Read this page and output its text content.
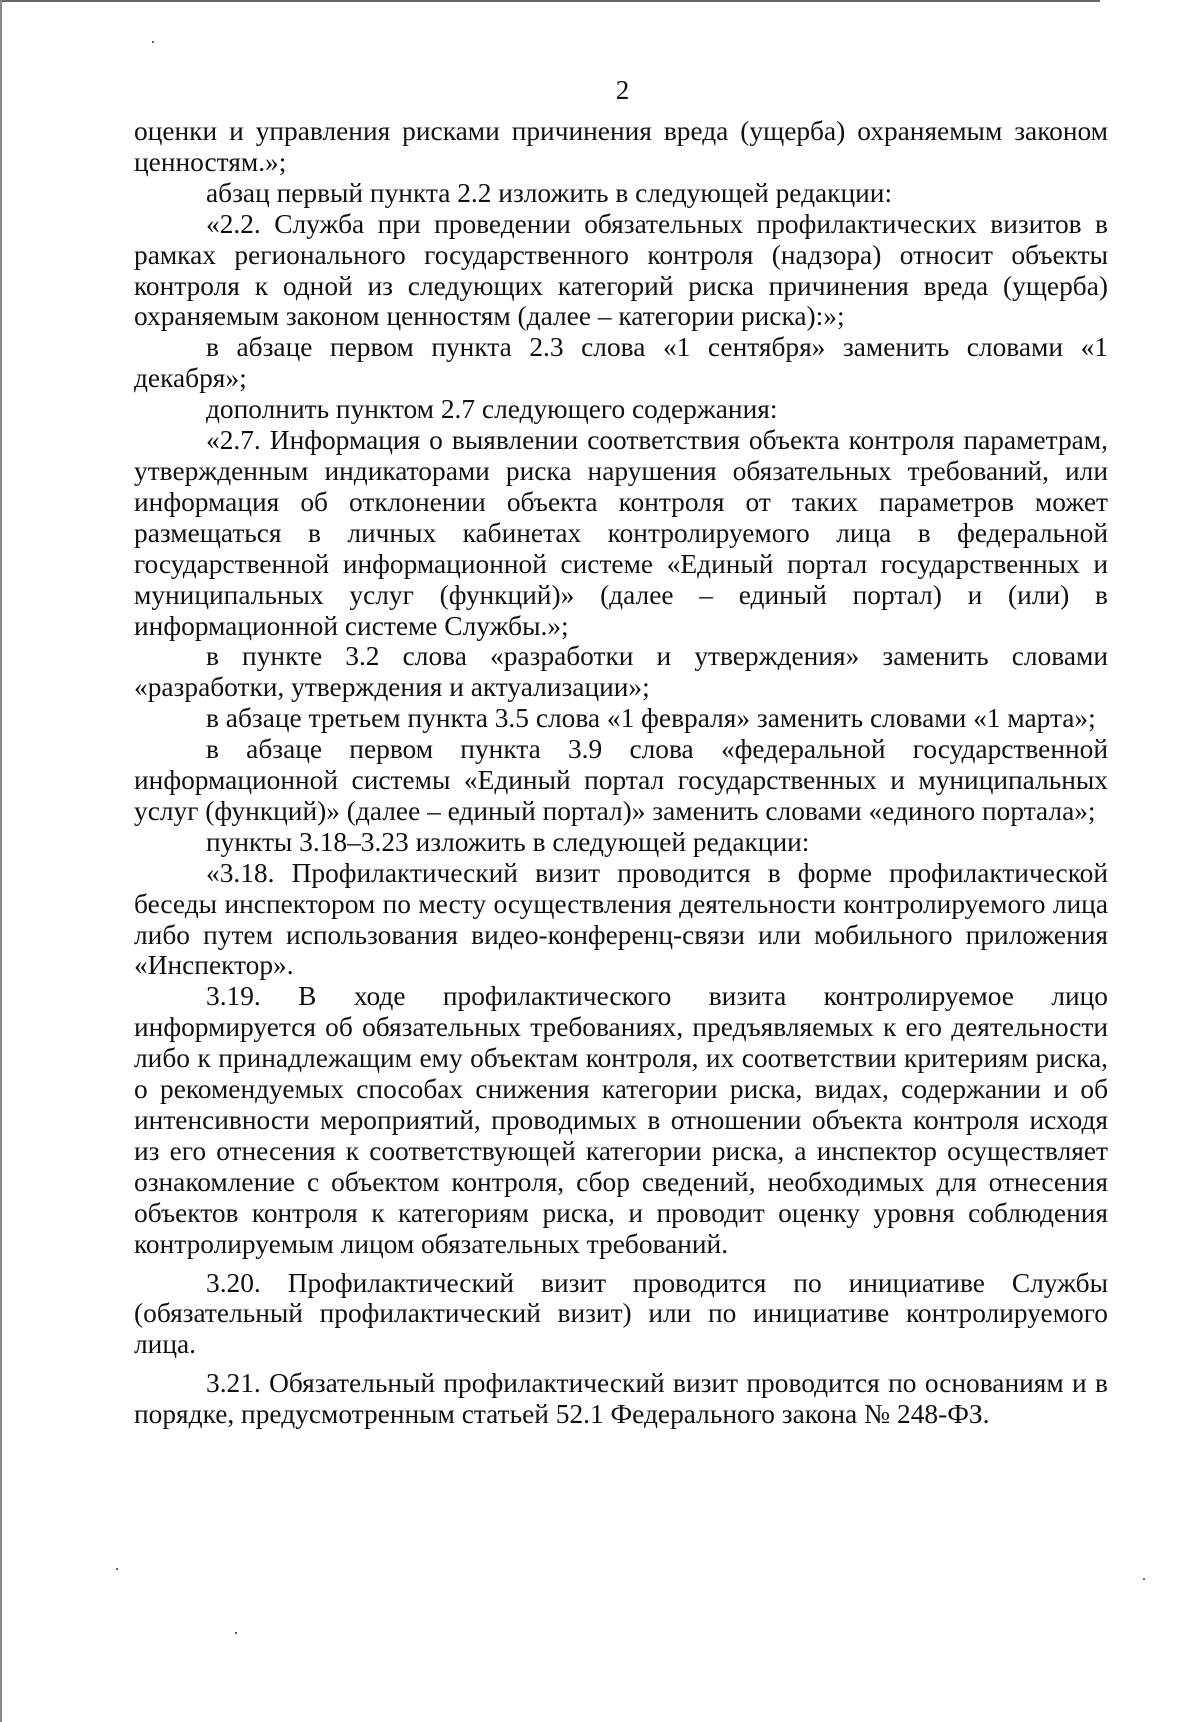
2

оценки и управления рисками причинения вреда (ущерба) охраняемым законом ценностям.»;

абзац первый пункта 2.2 изложить в следующей редакции:

«2.2. Служба при проведении обязательных профилактических визитов в рамках регионального государственного контроля (надзора) относит объекты контроля к одной из следующих категорий риска причинения вреда (ущерба) охраняемым законом ценностям (далее – категории риска):»;

в абзаце первом пункта 2.3 слова «1 сентября» заменить словами «1 декабря»;

дополнить пунктом 2.7 следующего содержания:

«2.7. Информация о выявлении соответствия объекта контроля параметрам, утвержденным индикаторами риска нарушения обязательных требований, или информация об отклонении объекта контроля от таких параметров может размещаться в личных кабинетах контролируемого лица в федеральной государственной информационной системе «Единый портал государственных и муниципальных услуг (функций)» (далее – единый портал) и (или) в информационной системе Службы.»;

в пункте 3.2 слова «разработки и утверждения» заменить словами «разработки, утверждения и актуализации»;

в абзаце третьем пункта 3.5 слова «1 февраля» заменить словами «1 марта»;

в абзаце первом пункта 3.9 слова «федеральной государственной информационной системы «Единый портал государственных и муниципальных услуг (функций)» (далее – единый портал)» заменить словами «единого портала»;

пункты 3.18–3.23 изложить в следующей редакции:

«3.18. Профилактический визит проводится в форме профилактической беседы инспектором по месту осуществления деятельности контролируемого лица либо путем использования видео-конференц-связи или мобильного приложения «Инспектор».

3.19. В ходе профилактического визита контролируемое лицо информируется об обязательных требованиях, предъявляемых к его деятельности либо к принадлежащим ему объектам контроля, их соответствии критериям риска, о рекомендуемых способах снижения категории риска, видах, содержании и об интенсивности мероприятий, проводимых в отношении объекта контроля исходя из его отнесения к соответствующей категории риска, а инспектор осуществляет ознакомление с объектом контроля, сбор сведений, необходимых для отнесения объектов контроля к категориям риска, и проводит оценку уровня соблюдения контролируемым лицом обязательных требований.

3.20. Профилактический визит проводится по инициативе Службы (обязательный профилактический визит) или по инициативе контролируемого лица.

3.21. Обязательный профилактический визит проводится по основаниям и в порядке, предусмотренным статьей 52.1 Федерального закона № 248-ФЗ.
